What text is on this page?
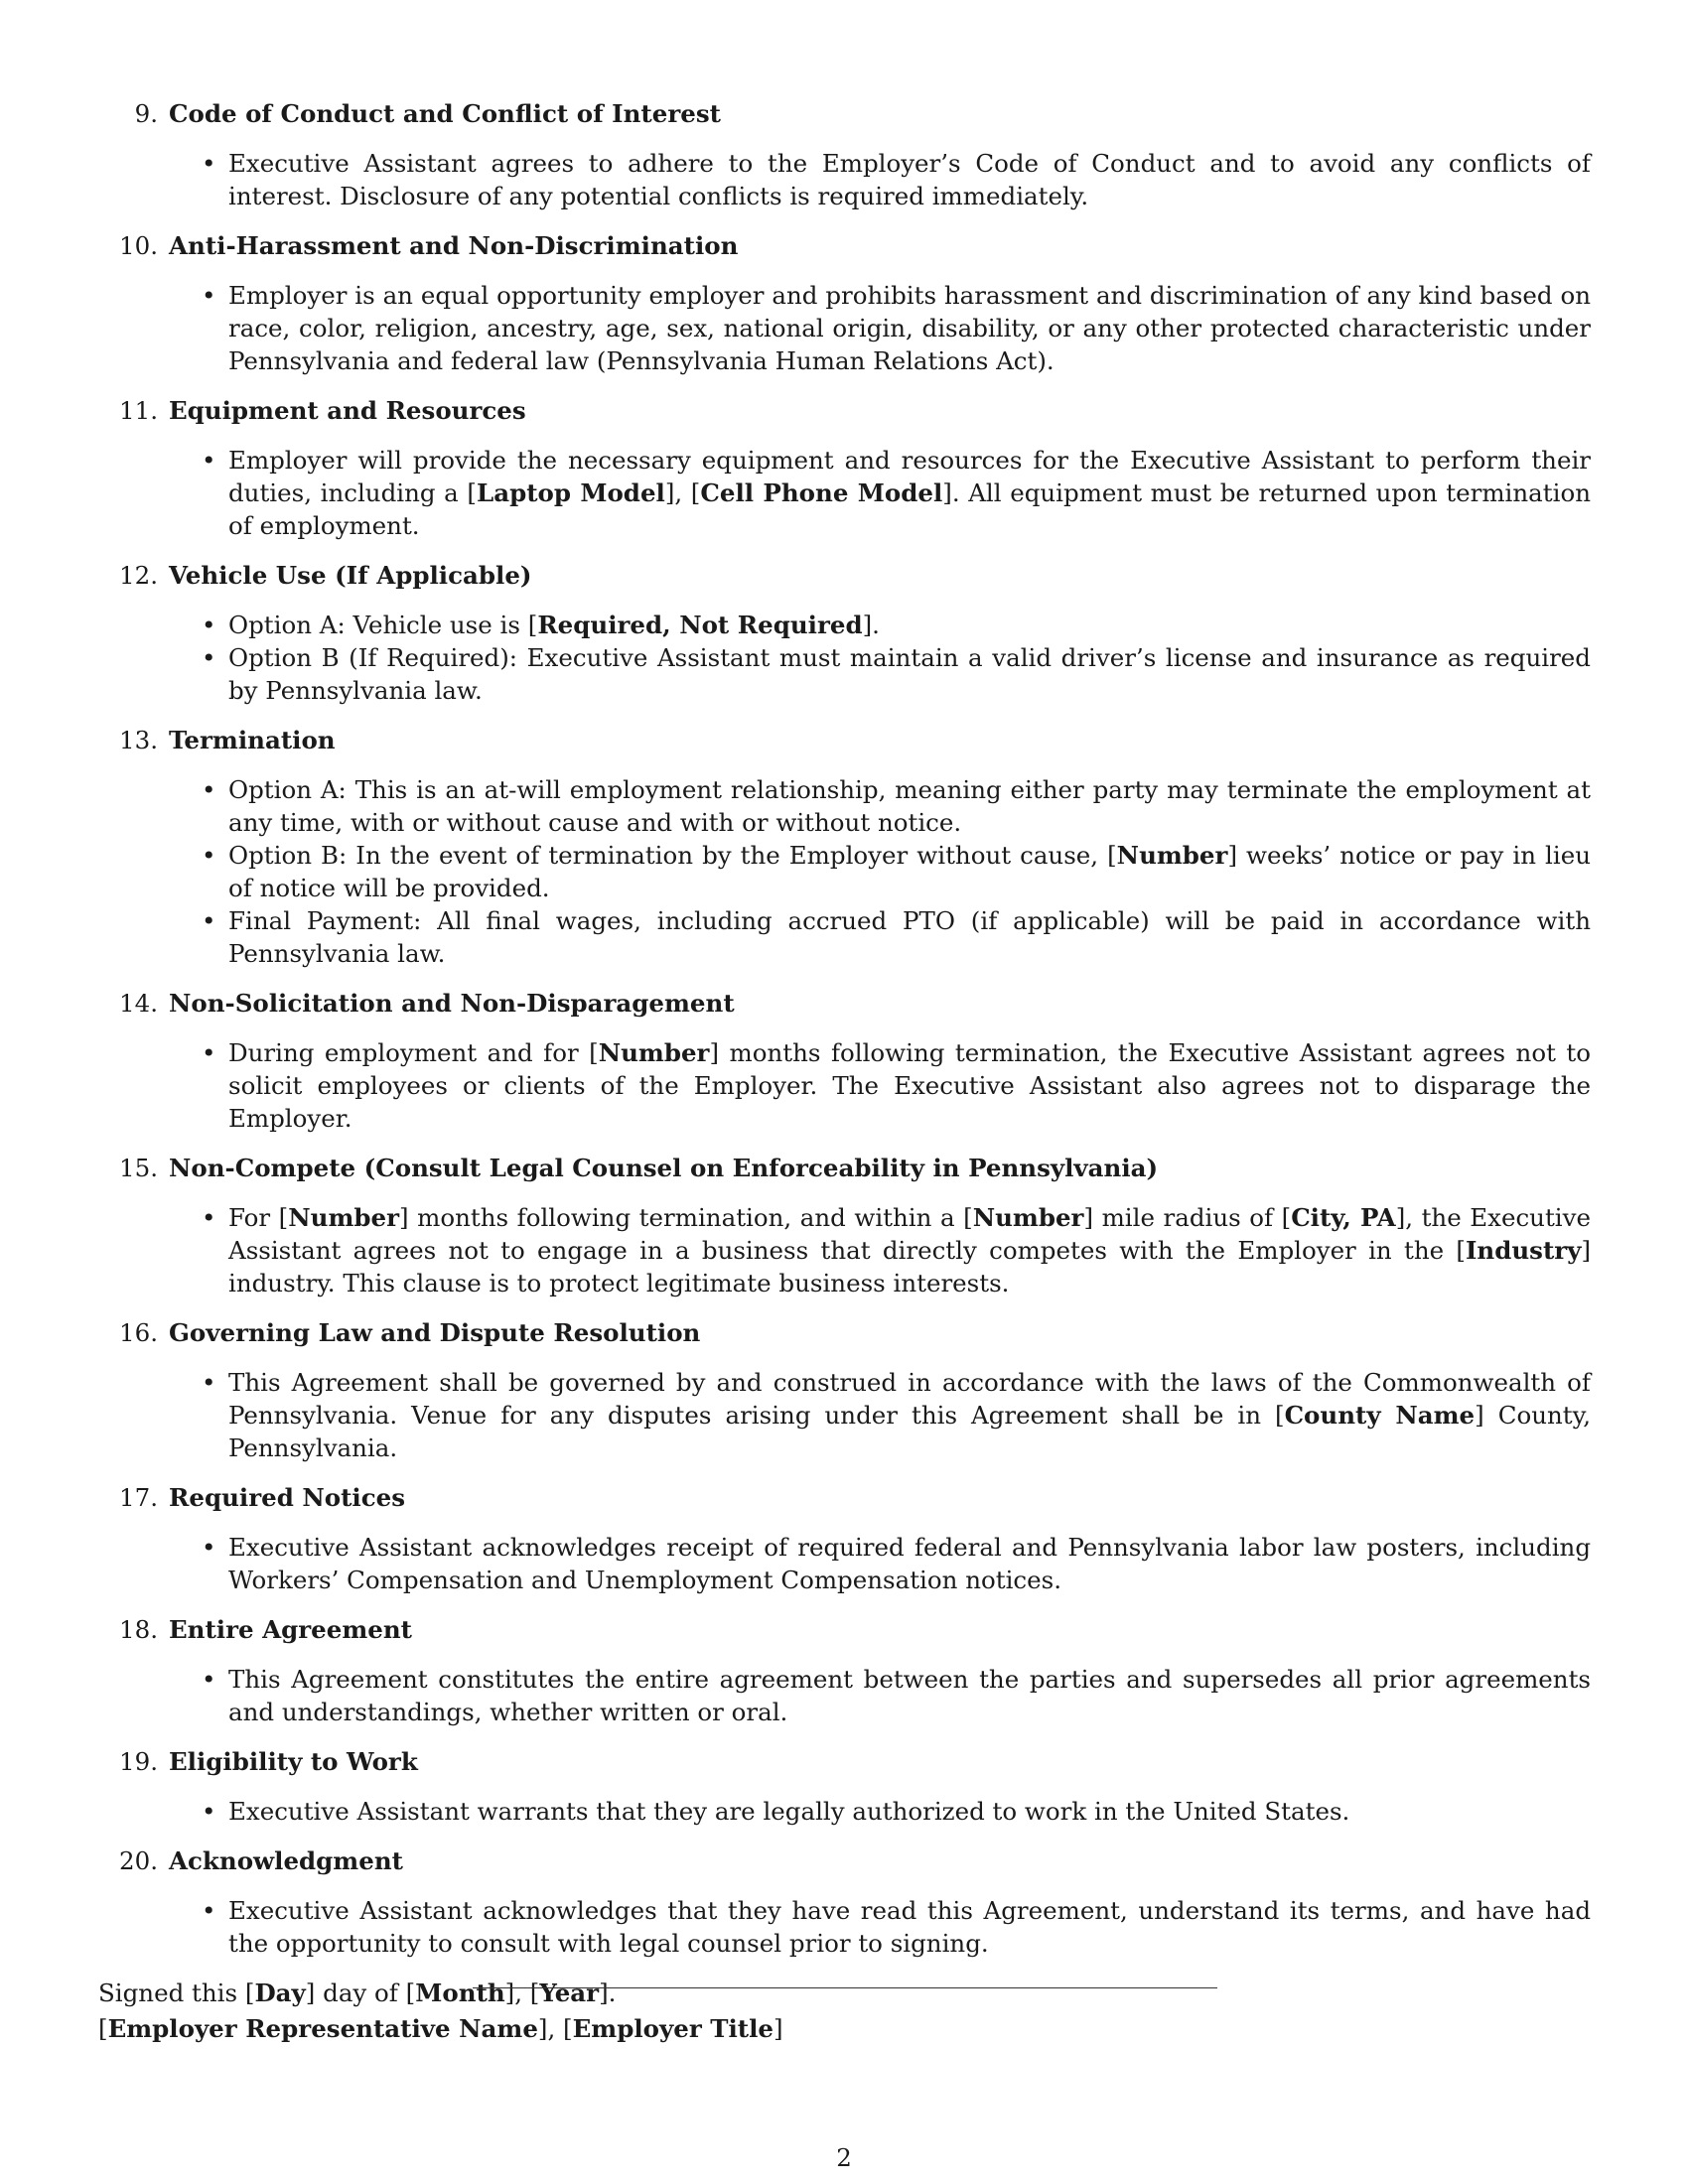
9. Code of Conduct and Conflict of Interest
• Executive Assistant agrees to adhere to the Employer’s Code of Conduct and to avoid any conflicts of interest. Disclosure of any potential conflicts is required immediately.
10. Anti-Harassment and Non-Discrimination
• Employer is an equal opportunity employer and prohibits harassment and discrimination of any kind based on race, color, religion, ancestry, age, sex, national origin, disability, or any other protected characteristic under Pennsylvania and federal law (Pennsylvania Human Relations Act).
11. Equipment and Resources
• Employer will provide the necessary equipment and resources for the Executive Assistant to perform their duties, including a [Laptop Model], [Cell Phone Model]. All equipment must be returned upon termination of employment.
12. Vehicle Use (If Applicable)
• Option A: Vehicle use is [Required, Not Required].
• Option B (If Required): Executive Assistant must maintain a valid driver’s license and insurance as required by Pennsylvania law.
13. Termination
• Option A: This is an at-will employment relationship, meaning either party may terminate the employment at any time, with or without cause and with or without notice.
• Option B: In the event of termination by the Employer without cause, [Number] weeks’ notice or pay in lieu of notice will be provided.
• Final Payment: All final wages, including accrued PTO (if applicable) will be paid in accordance with Pennsylvania law.
14. Non-Solicitation and Non-Disparagement
• During employment and for [Number] months following termination, the Executive Assistant agrees not to solicit employees or clients of the Employer. The Executive Assistant also agrees not to disparage the Employer.
15. Non-Compete (Consult Legal Counsel on Enforceability in Pennsylvania)
• For [Number] months following termination, and within a [Number] mile radius of [City, PA], the Executive Assistant agrees not to engage in a business that directly competes with the Employer in the [Industry] industry. This clause is to protect legitimate business interests.
16. Governing Law and Dispute Resolution
• This Agreement shall be governed by and construed in accordance with the laws of the Commonwealth of Pennsylvania. Venue for any disputes arising under this Agreement shall be in [County Name] County, Pennsylvania.
17. Required Notices
• Executive Assistant acknowledges receipt of required federal and Pennsylvania labor law posters, including Workers’ Compensation and Unemployment Compensation notices.
18. Entire Agreement
• This Agreement constitutes the entire agreement between the parties and supersedes all prior agreements and understandings, whether written or oral.
19. Eligibility to Work
• Executive Assistant warrants that they are legally authorized to work in the United States.
20. Acknowledgment
• Executive Assistant acknowledges that they have read this Agreement, understand its terms, and have had the opportunity to consult with legal counsel prior to signing.
Signed this [Day] day of [Month], [Year].
[Employer Representative Name], [Employer Title]
2
